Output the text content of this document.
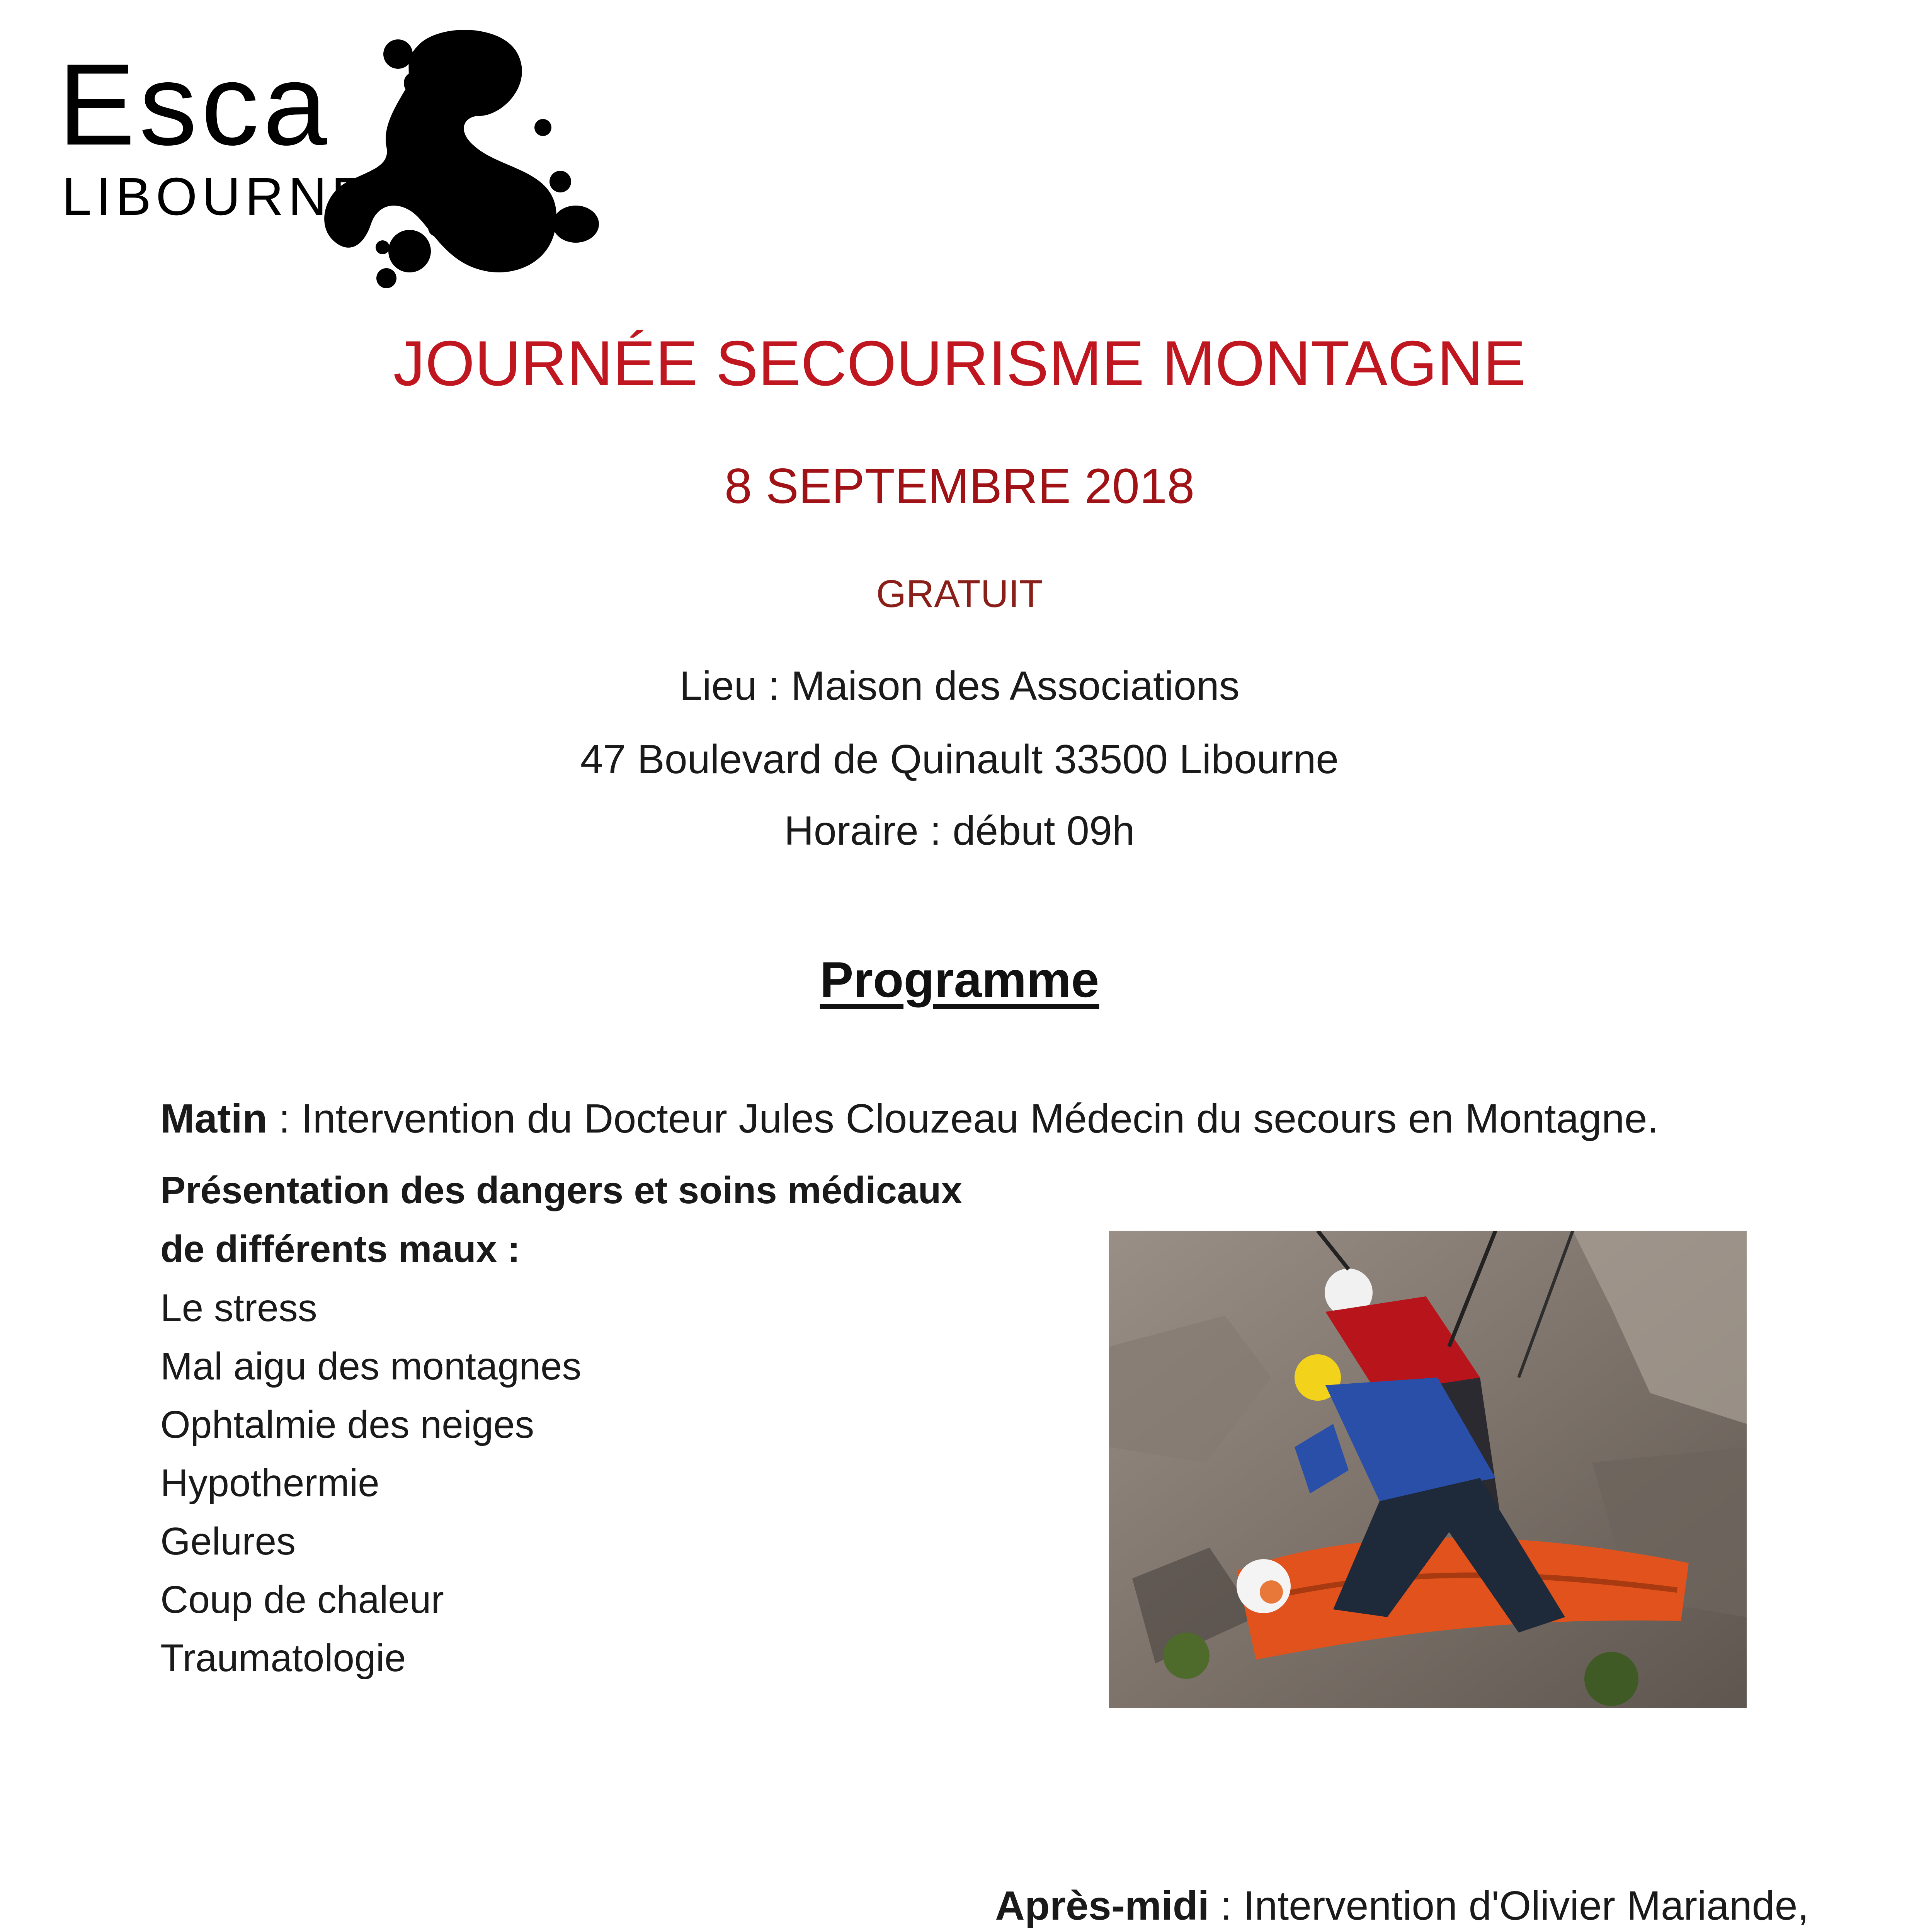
Esca
LIBOURNE
JOURNÉE SECOURISME MONTAGNE
8 SEPTEMBRE 2018
GRATUIT
Lieu : Maison des Associations
47 Boulevard de Quinault 33500 Libourne
Horaire : début 09h
Programme
Matin : Intervention du Docteur Jules Clouzeau Médecin du secours en Montagne.
Présentation des dangers et soins médicaux de différents maux :
Le stress
Mal aigu des montagnes
Ophtalmie des neiges
Hypothermie
Gelures
Coup de chaleur
Traumatologie
Après-midi : Intervention d'Olivier Mariande,
